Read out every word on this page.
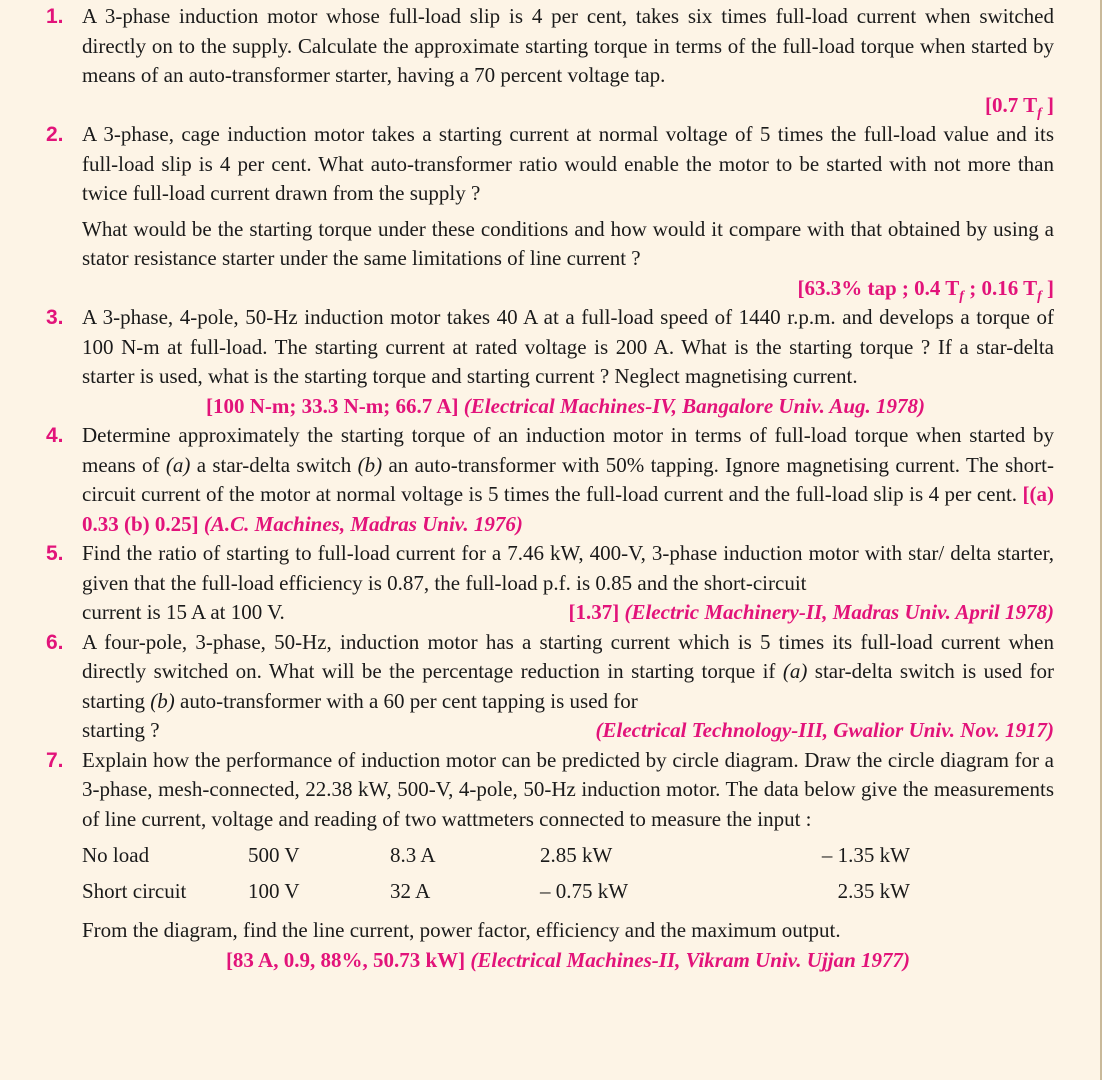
1. A 3-phase induction motor whose full-load slip is 4 per cent, takes six times full-load current when switched directly on to the supply. Calculate the approximate starting torque in terms of the full-load torque when started by means of an auto-transformer starter, having a 70 percent voltage tap.

[0.7 $T_f$ ]
2. A 3-phase, cage induction motor takes a starting current at normal voltage of 5 times the full-load value and its full-load slip is 4 per cent. What auto-transformer ratio would enable the motor to be started with not more than twice full-load current drawn from the supply ?

What would be the starting torque under these conditions and how would it compare with that obtained by using a stator resistance starter under the same limitations of line current ?

[63.3% tap ; 0.4 $T_f$ ; 0.16 $T_f$ ]
3. A 3-phase, 4-pole, 50-Hz induction motor takes 40 A at a full-load speed of 1440 r.p.m. and develops a torque of 100 N-m at full-load. The starting current at rated voltage is 200 A. What is the starting torque ? If a star-delta starter is used, what is the starting torque and starting current ? Neglect magnetising current.

[100 N-m; 33.3 N-m; 66.7 A] (Electrical Machines-IV, Bangalore Univ. Aug. 1978)
4. Determine approximately the starting torque of an induction motor in terms of full-load torque when started by means of (a) a star-delta switch (b) an auto-transformer with 50% tapping. Ignore magnetising current. The short-circuit current of the motor at normal voltage is 5 times the full-load current and the full-load slip is 4 per cent. [(a) 0.33 (b) 0.25] (A.C. Machines, Madras Univ. 1976)

5. Find the ratio of starting to full-load current for a 7.46 kW, 400-V, 3-phase induction motor with star/ delta starter, given that the full-load efficiency is 0.87, the full-load p.f. is 0.85 and the short-circuit

current is 15 A at 100 V.	[1.37] (Electric Machinery-II, Madras Univ. April 1978)
6. A four-pole, 3-phase, 50-Hz, induction motor has a starting current which is 5 times its full-load current when directly switched on. What will be the percentage reduction in starting torque if (a) star-delta switch is used for starting (b) auto-transformer with a 60 per cent tapping is used for

starting ?	(Electrical Technology-III, Gwalior Univ. Nov. 1917)
7. Explain how the performance of induction motor can be predicted by circle diagram. Draw the circle diagram for a 3-phase, mesh-connected, 22.38 kW, 500-V, 4-pole, 50-Hz induction motor. The data below give the measurements of line current, voltage and reading of two wattmeters connected to measure the input :

No load	500 V	8.3 A	2.85 kW	– 1.35 kW
Short circuit	100 V	32 A	– 0.75 kW	2.35 kW

From the diagram, find the line current, power factor, efficiency and the maximum output.

[83 A, 0.9, 88%, 50.73 kW] (Electrical Machines-II, Vikram Univ. Ujjan 1977)
